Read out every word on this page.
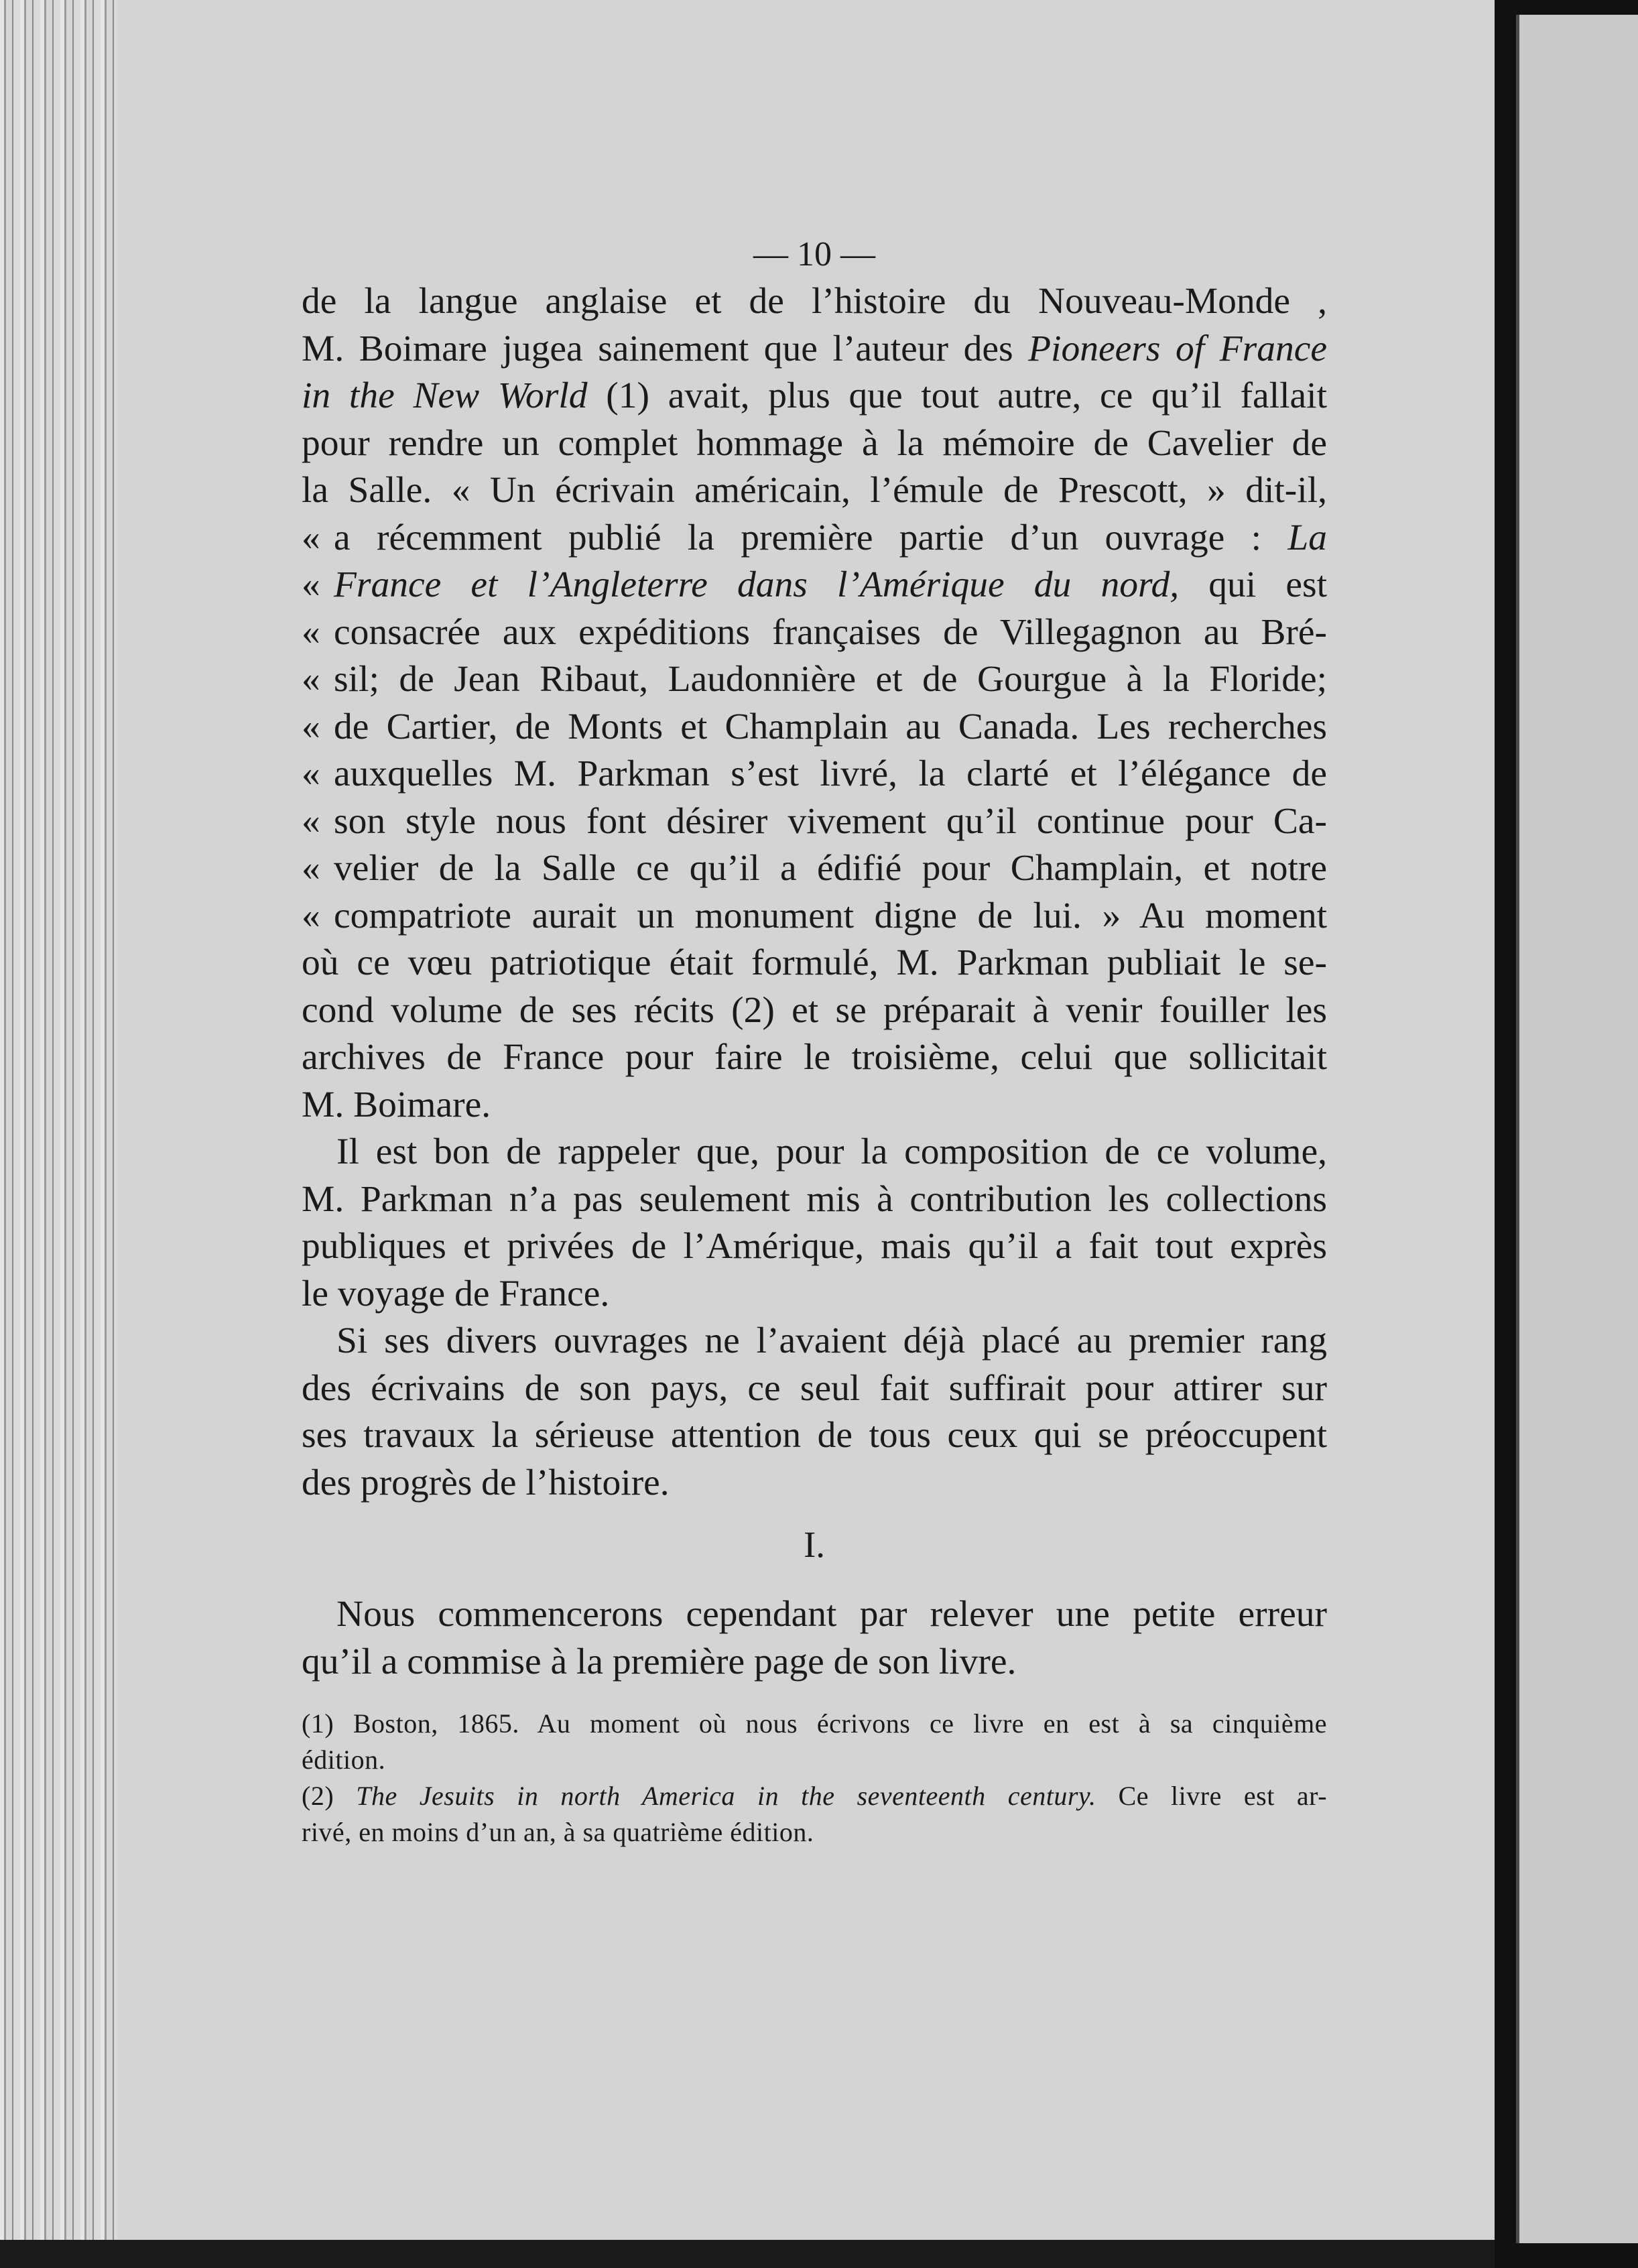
— 10 —
de la langue anglaise et de l’histoire du Nouveau-Monde ,
M. Boimare jugea sainement que l’auteur des Pioneers of France
in the New World (1) avait, plus que tout autre, ce qu’il fallait
pour rendre un complet hommage à la mémoire de Cavelier de
la Salle. « Un écrivain américain, l’émule de Prescott, » dit-il,
« a récemment publié la première partie d’un ouvrage : La
« France et l’Angleterre dans l’Amérique du nord, qui est
« consacrée aux expéditions françaises de Villegagnon au Bré-
« sil; de Jean Ribaut, Laudonnière et de Gourgue à la Floride;
« de Cartier, de Monts et Champlain au Canada. Les recherches
« auxquelles M. Parkman s’est livré, la clarté et l’élégance de
« son style nous font désirer vivement qu’il continue pour Ca-
« velier de la Salle ce qu’il a édifié pour Champlain, et notre
« compatriote aurait un monument digne de lui. » Au moment
où ce vœu patriotique était formulé, M. Parkman publiait le se-
cond volume de ses récits (2) et se préparait à venir fouiller les
archives de France pour faire le troisième, celui que sollicitait
M. Boimare.
Il est bon de rappeler que, pour la composition de ce volume,
M. Parkman n’a pas seulement mis à contribution les collections
publiques et privées de l’Amérique, mais qu’il a fait tout exprès
le voyage de France.
Si ses divers ouvrages ne l’avaient déjà placé au premier rang
des écrivains de son pays, ce seul fait suffirait pour attirer sur
ses travaux la sérieuse attention de tous ceux qui se préoccupent
des progrès de l’histoire.
I.
Nous commencerons cependant par relever une petite erreur
qu’il a commise à la première page de son livre.
(1) Boston, 1865. Au moment où nous écrivons ce livre en est à sa cinquième
édition.
(2) The Jesuits in north America in the seventeenth century. Ce livre est ar-
rivé, en moins d’un an, à sa quatrième édition.
